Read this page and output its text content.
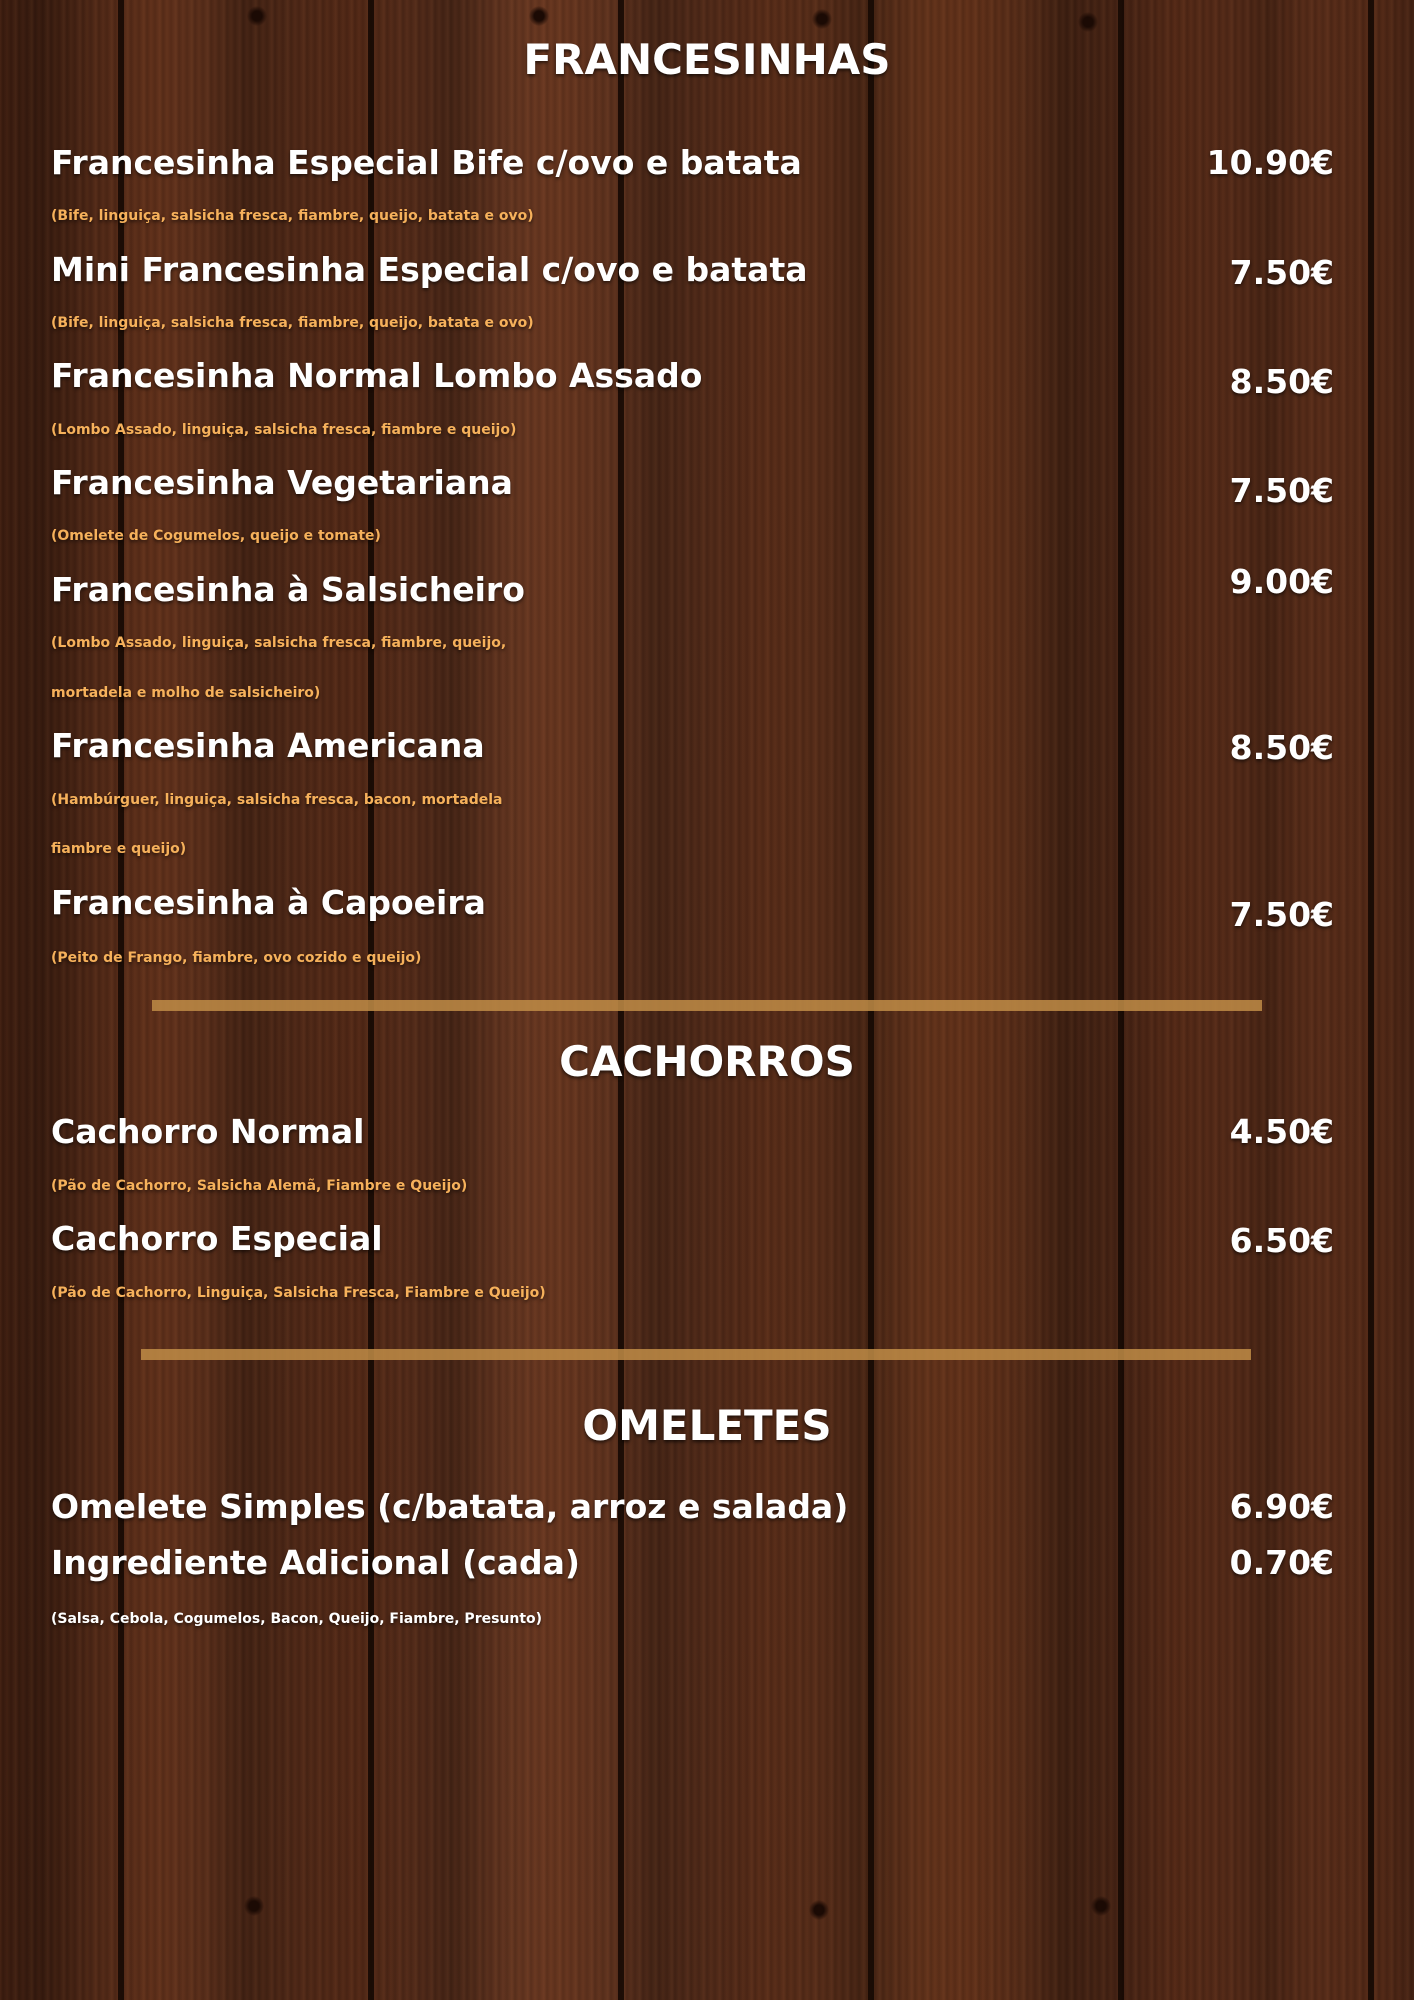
FRANCESINHAS

Francesinha Especial Bife c/ovo e batata	10.90€

(Bife, linguiça, salsicha fresca, fiambre, queijo, batata e ovo)

Mini Francesinha Especial c/ovo e batata	7.50€

(Bife, linguiça, salsicha fresca, fiambre, queijo, batata e ovo)

Francesinha Normal Lombo Assado	8.50€

(Lombo Assado, linguiça, salsicha fresca, fiambre e queijo)

Francesinha Vegetariana	7.50€

(Omelete de Cogumelos, queijo e tomate)

Francesinha à Salsicheiro	9.00€

(Lombo Assado, linguiça, salsicha fresca, fiambre, queijo,

mortadela e molho de salsicheiro)

Francesinha Americana	8.50€

(Hambúrguer, linguiça, salsicha fresca, bacon, mortadela

fiambre e queijo)

Francesinha à Capoeira	7.50€

(Peito de Frango, fiambre, ovo cozido e queijo)

CACHORROS

Cachorro Normal	4.50€

(Pão de Cachorro, Salsicha Alemã, Fiambre e Queijo)

Cachorro Especial	6.50€

(Pão de Cachorro, Linguiça, Salsicha Fresca, Fiambre e Queijo)

OMELETES

Omelete Simples (c/batata, arroz e salada)	6.90€

Ingrediente Adicional (cada)	0.70€

(Salsa, Cebola, Cogumelos, Bacon, Queijo, Fiambre, Presunto)
